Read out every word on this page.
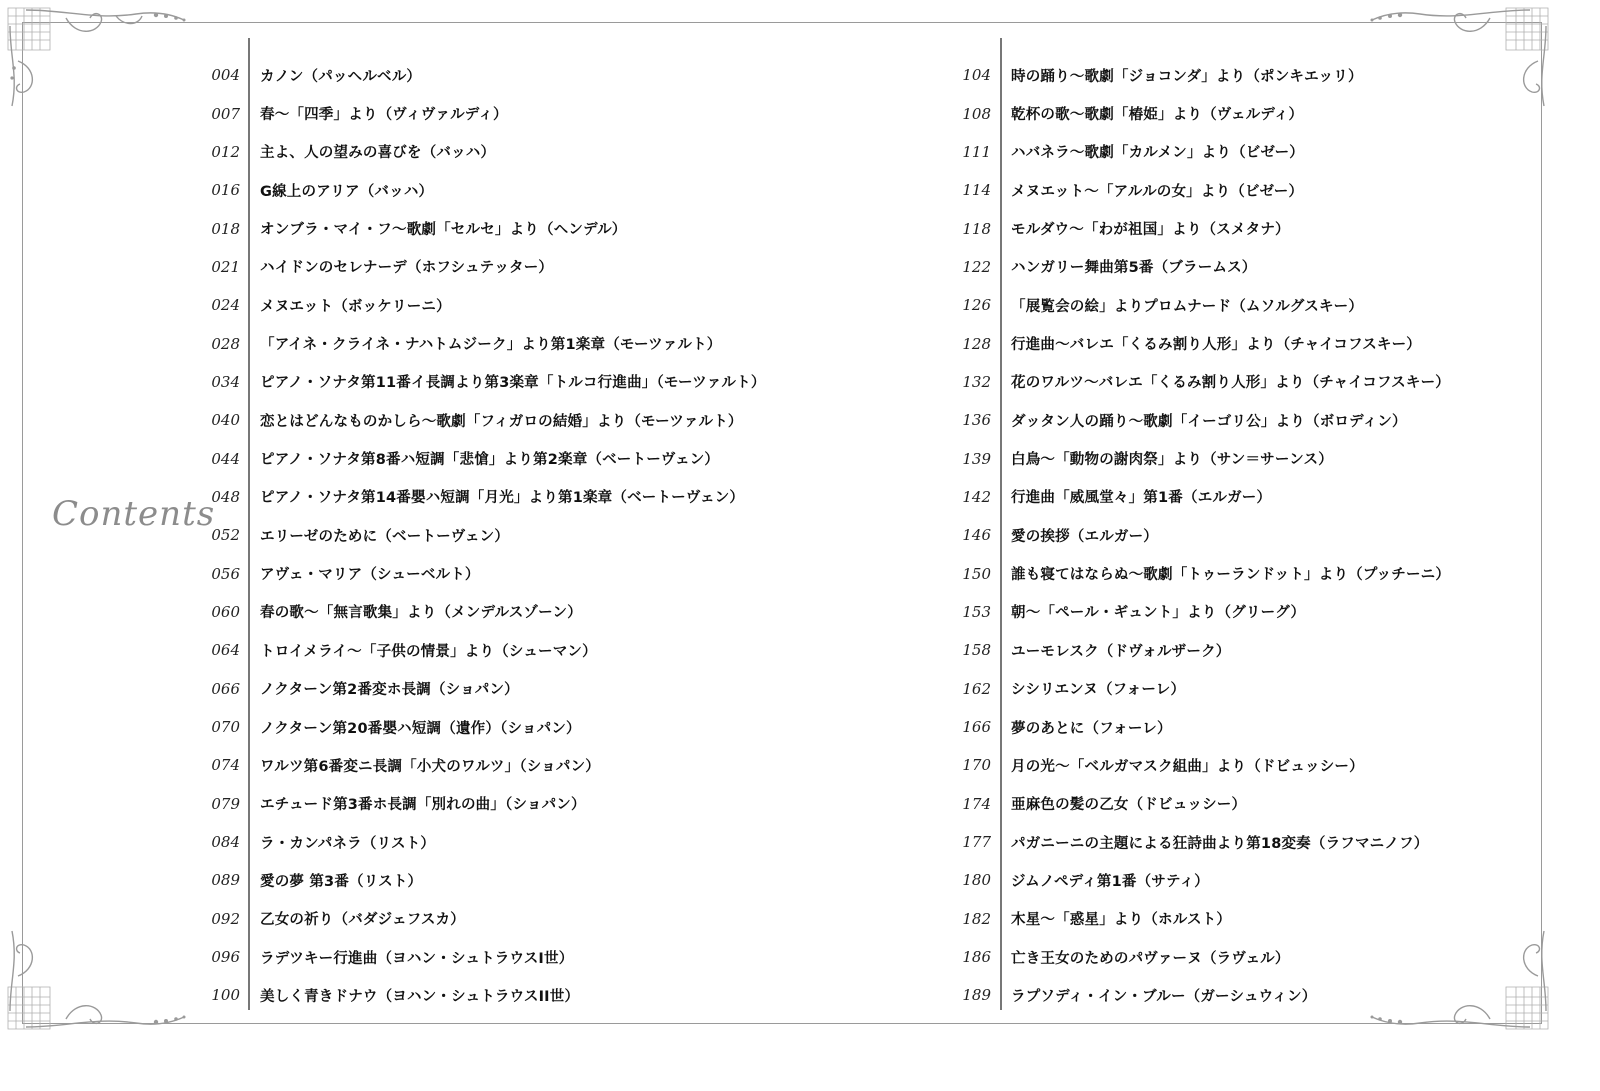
Contents
004 カノン（パッヘルベル）
007 春〜「四季」より（ヴィヴァルディ）
012 主よ、人の望みの喜びを（バッハ）
016 G線上のアリア（バッハ）
018 オンブラ・マイ・フ〜歌劇「セルセ」より（ヘンデル）
021 ハイドンのセレナーデ（ホフシュテッター）
024 メヌエット（ボッケリーニ）
028 「アイネ・クライネ・ナハトムジーク」より第1楽章（モーツァルト）
034 ピアノ・ソナタ第11番イ長調より第3楽章「トルコ行進曲」（モーツァルト）
040 恋とはどんなものかしら〜歌劇「フィガロの結婚」より（モーツァルト）
044 ピアノ・ソナタ第8番ハ短調「悲愴」より第2楽章（ベートーヴェン）
048 ピアノ・ソナタ第14番嬰ハ短調「月光」より第1楽章（ベートーヴェン）
052 エリーゼのために（ベートーヴェン）
056 アヴェ・マリア（シューベルト）
060 春の歌〜「無言歌集」より（メンデルスゾーン）
064 トロイメライ〜「子供の情景」より（シューマン）
066 ノクターン第2番変ホ長調（ショパン）
070 ノクターン第20番嬰ハ短調（遺作）（ショパン）
074 ワルツ第6番変ニ長調「小犬のワルツ」（ショパン）
079 エチュード第3番ホ長調「別れの曲」（ショパン）
084 ラ・カンパネラ（リスト）
089 愛の夢 第3番（リスト）
092 乙女の祈り（バダジェフスカ）
096 ラデツキー行進曲（ヨハン・シュトラウスI世）
100 美しく青きドナウ（ヨハン・シュトラウスII世）
104 時の踊り〜歌劇「ジョコンダ」より（ポンキエッリ）
108 乾杯の歌〜歌劇「椿姫」より（ヴェルディ）
111 ハバネラ〜歌劇「カルメン」より（ビゼー）
114 メヌエット〜「アルルの女」より（ビゼー）
118 モルダウ〜「わが祖国」より（スメタナ）
122 ハンガリー舞曲第5番（ブラームス）
126 「展覧会の絵」よりプロムナード（ムソルグスキー）
128 行進曲〜バレエ「くるみ割り人形」より（チャイコフスキー）
132 花のワルツ〜バレエ「くるみ割り人形」より（チャイコフスキー）
136 ダッタン人の踊り〜歌劇「イーゴリ公」より（ボロディン）
139 白鳥〜「動物の謝肉祭」より（サン＝サーンス）
142 行進曲「威風堂々」第1番（エルガー）
146 愛の挨拶（エルガー）
150 誰も寝てはならぬ〜歌劇「トゥーランドット」より（プッチーニ）
153 朝〜「ペール・ギュント」より（グリーグ）
158 ユーモレスク（ドヴォルザーク）
162 シシリエンヌ（フォーレ）
166 夢のあとに（フォーレ）
170 月の光〜「ベルガマスク組曲」より（ドビュッシー）
174 亜麻色の髪の乙女（ドビュッシー）
177 パガニーニの主題による狂詩曲より第18変奏（ラフマニノフ）
180 ジムノペディ第1番（サティ）
182 木星〜「惑星」より（ホルスト）
186 亡き王女のためのパヴァーヌ（ラヴェル）
189 ラプソディ・イン・ブルー（ガーシュウィン）
